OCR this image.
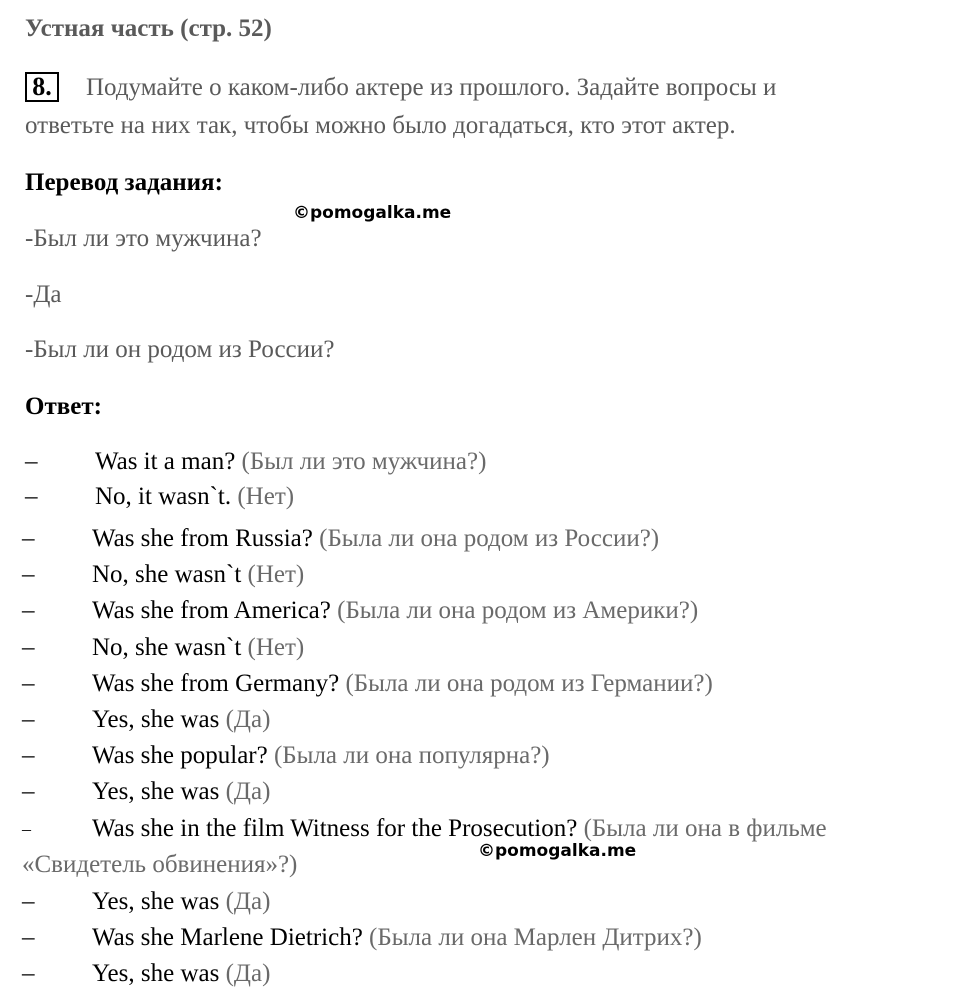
Устная часть (стр. 52)
8. Подумайте о каком-либо актере из прошлого. Задайте вопросы и
ответьте на них так, чтобы можно было догадаться, кто этот актер.
Перевод задания:
©pomogalka.me
-Был ли это мужчина?
-Да
-Был ли он родом из России?
Ответ:
– Was it a man? (Был ли это мужчина?)
– No, it wasn`t. (Нет)
– Was she from Russia? (Была ли она родом из России?)
– No, she wasn`t (Нет)
– Was she from America? (Была ли она родом из Америки?)
– No, she wasn`t (Нет)
– Was she from Germany? (Была ли она родом из Германии?)
– Yes, she was (Да)
– Was she popular? (Была ли она популярна?)
– Yes, she was (Да)
– Was she in the film Witness for the Prosecution? (Была ли она в фильме
«Свидетель обвинения»?)	©pomogalka.me
– Yes, she was (Да)
– Was she Marlene Dietrich? (Была ли она Марлен Дитрих?)
– Yes, she was (Да)
